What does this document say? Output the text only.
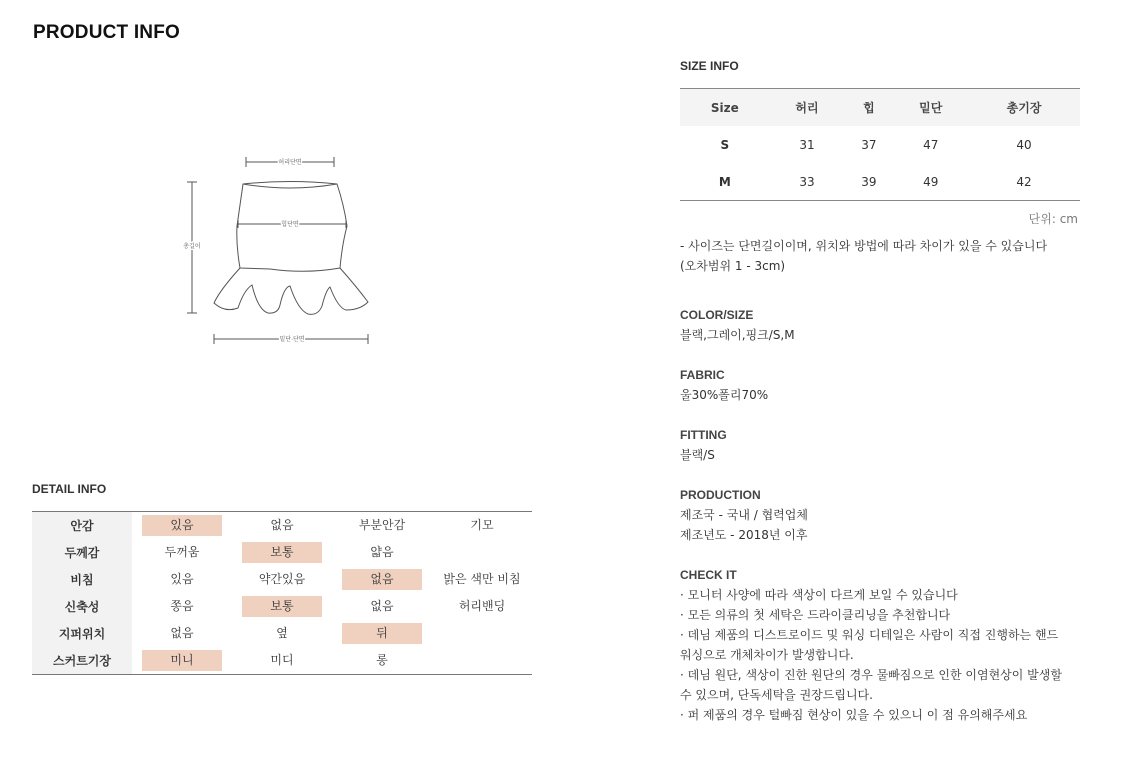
PRODUCT INFO
허리단면
힙단면
총길이
밑단 단면
DETAIL INFO
안감	있음	없음	부분안감	기모
두께감	두꺼움	보통	얇음	
비침	있음	약간있음	없음	밝은 색만 비침
신축성	쫑음	보통	없음	허리밴딩
지퍼위치	없음	옆	뒤	
스커트기장	미니	미디	롱	
SIZE INFO
Size	허리	힙	밑단	총기장
S	31	37	47	40
M	33	39	49	42
단위: cm
- 사이즈는 단면길이이며, 위치와 방법에 따라 차이가 있을 수 있습니다
(오차범위 1 - 3cm)
COLOR/SIZE
블랙,그레이,핑크/S,M
FABRIC
울30%폴리70%
FITTING
블랙/S
PRODUCTION
제조국 - 국내 / 협력업체
제조년도 - 2018년 이후
CHECK IT
· 모니터 사양에 따라 색상이 다르게 보일 수 있습니다
· 모든 의류의 첫 세탁은 드라이클리닝을 추천합니다
· 데님 제품의 디스트로이드 및 워싱 디테일은 사람이 직접 진행하는 핸드
워싱으로 개체차이가 발생합니다.
· 데님 원단, 색상이 진한 원단의 경우 물빠짐으로 인한 이염현상이 발생할
수 있으며, 단독세탁을 권장드립니다.
· 퍼 제품의 경우 털빠짐 현상이 있을 수 있으니 이 점 유의해주세요
